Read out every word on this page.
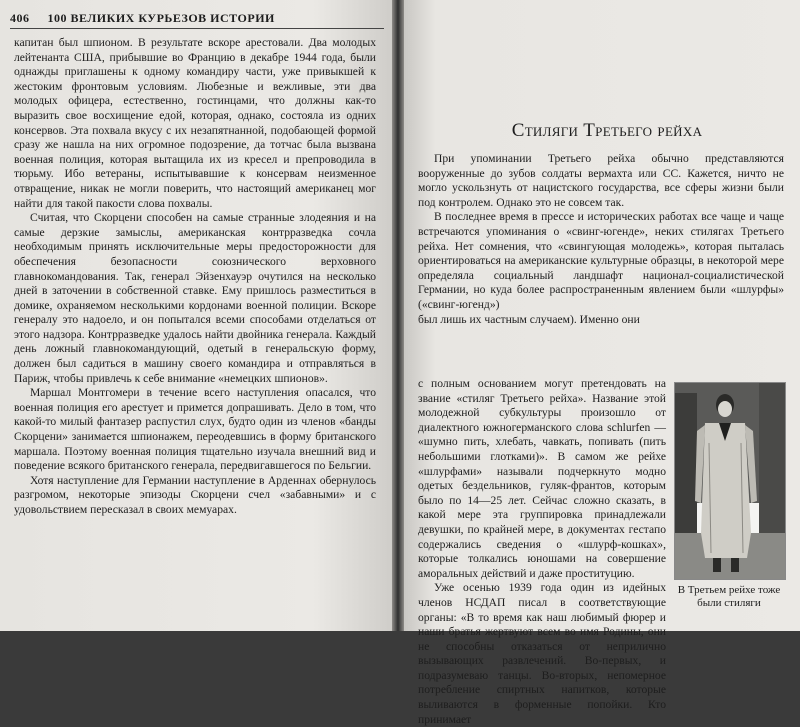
406 100 ВЕЛИКИХ КУРЬЕЗОВ ИСТОРИИ

капитан был шпионом. В результате вскоре арестовали. Два молодых лейтенанта США, прибывшие во Францию в декабре 1944 года, были однажды приглашены к одному командиру части, уже привыкшей к жестоким фронтовым условиям. Любезные и вежливые, эти два молодых офицера, естественно, гостинцами, что должны как-то выразить свое восхищение едой, которая, однако, состояла из одних консервов. Эта похвала вкусу с их незапятнанной, подобающей формой сразу же нашла на них огромное подозрение, да тотчас была вызвана военная полиция, которая вытащила их из кресел и препроводила в тюрьму. Ибо ветераны, испытывавшие к консервам неизменное отвращение, никак не могли поверить, что настоящий американец мог найти для такой пакости слова похвалы.

Считая, что Скорцени способен на самые странные злодеяния и на самые дерзкие замыслы, американская контрразведка сочла необходимым принять исключительные меры предосторожности для обеспечения безопасности союзнического верховного главнокомандования. Так, генерал Эйзенхауэр очутился на несколько дней в заточении в собственной ставке. Ему пришлось разместиться в домике, охраняемом несколькими кордонами военной полиции. Вскоре генералу это надоело, и он попытался всеми способами отделаться от этого надзора. Контрразведке удалось найти двойника генерала. Каждый день ложный главнокомандующий, одетый в генеральскую форму, должен был садиться в машину своего командира и отправляться в Париж, чтобы привлечь к себе внимание «немецких шпионов».

Маршал Монтгомери в течение всего наступления опасался, что военная полиция его арестует и примется допрашивать. Дело в том, что какой-то милый фантазер распустил слух, будто один из членов «банды Скорцени» занимается шпионажем, переодевшись в форму британского маршала. Поэтому военная полиция тщательно изучала внешний вид и поведение всякого британского генерала, передвигавшегося по Бельгии.

Хотя наступление для Германии наступление в Арденнах обернулось разгромом, некоторые эпизоды Скорцени счел «забавными» и с удовольствием пересказал в своих мемуарах.

Стиляги Третьего рейха

При упоминании Третьего рейха обычно представляются вооруженные до зубов солдаты вермахта или СС. Кажется, ничто не могло ускользнуть от нацистского государства, все сферы жизни были под контролем. Однако это не совсем так.

В последнее время в прессе и исторических работах все чаще и чаще встречаются упоминания о «свинг-югенде», неких стилягах Третьего рейха. Нет сомнения, что «свингующая молодежь», которая пыталась ориентироваться на американские культурные образцы, в некоторой мере определяла социальный ландшафт национал-социалистической Германии, но куда более распространенным явлением были «шлурфы» («свинг-югенд»)

был лишь их частным случаем). Именно они

с полным основанием могут претендовать на звание «стиляг Третьего рейха». Название этой молодежной субкультуры произошло от диалектного южногерманского слова schlurfen — «шумно пить, хлебать, чавкать, попивать (пить небольшими глотками)». В самом же рейхе «шлурфами» называли подчеркнуто модно одетых бездельников, гуляк-франтов, которым было по 14—25 лет. Сейчас сложно сказать, в какой мере эта группировка принадлежали девушки, по крайней мере, в документах гестапо содержались сведения о «шлурф-кошках», которые толкались юношами на совершение аморальных действий и даже проституцию.

Уже осенью 1939 года один из идейных членов НСДАП писал в соответствующие органы: «В то время как наш любимый фюрер и наши братья жертвуют всем во имя Родины, они не способны отказаться от неприлично вызывающих развлечений. Во-первых, и подразумеваю танцы. Во-вторых, непомерное потребление спиртных напитков, которые выливаются в форменные попойки. Кто принимает

В Третьем рейхе тоже были стиляги
